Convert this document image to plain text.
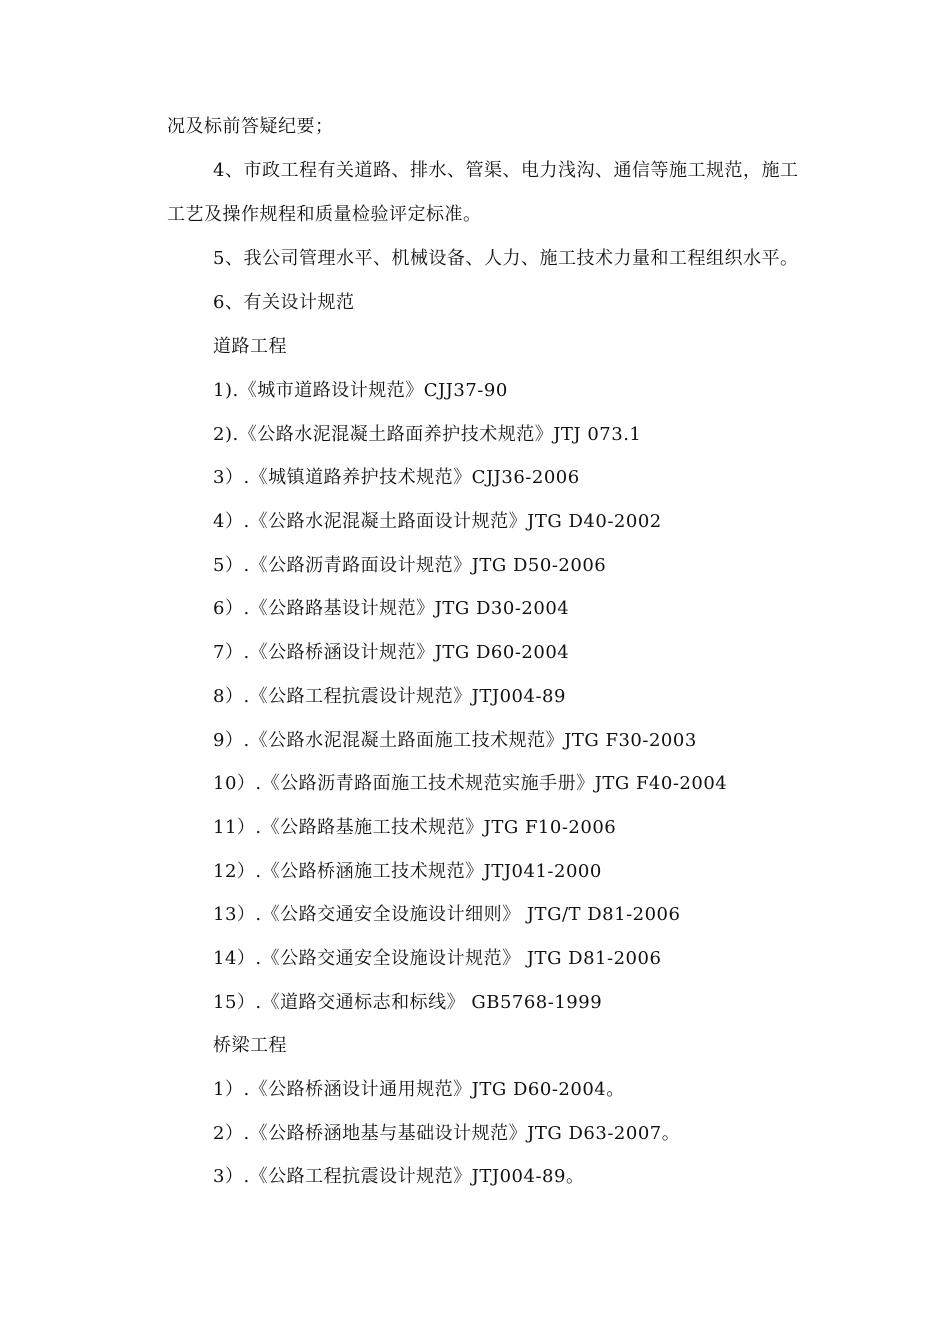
况及标前答疑纪要；
4、市政工程有关道路、排水、管渠、电力浅沟、通信等施工规范，施工
工艺及操作规程和质量检验评定标准。
5、我公司管理水平、机械设备、人力、施工技术力量和工程组织水平。
6、有关设计规范
道路工程
1).《城市道路设计规范》CJJ37-90
2).《公路水泥混凝土路面养护技术规范》JTJ 073.1
3）.《城镇道路养护技术规范》CJJ36-2006
4）.《公路水泥混凝土路面设计规范》JTG D40-2002
5）.《公路沥青路面设计规范》JTG D50-2006
6）.《公路路基设计规范》JTG D30-2004
7）.《公路桥涵设计规范》JTG D60-2004
8）.《公路工程抗震设计规范》JTJ004-89
9）.《公路水泥混凝土路面施工技术规范》JTG F30-2003
10）.《公路沥青路面施工技术规范实施手册》JTG F40-2004
11）.《公路路基施工技术规范》JTG F10-2006
12）.《公路桥涵施工技术规范》JTJ041-2000
13）.《公路交通安全设施设计细则》 JTG/T D81-2006
14）.《公路交通安全设施设计规范》 JTG D81-2006
15）.《道路交通标志和标线》 GB5768-1999
桥梁工程
1）.《公路桥涵设计通用规范》JTG D60-2004。
2）.《公路桥涵地基与基础设计规范》JTG D63-2007。
3）.《公路工程抗震设计规范》JTJ004-89。
